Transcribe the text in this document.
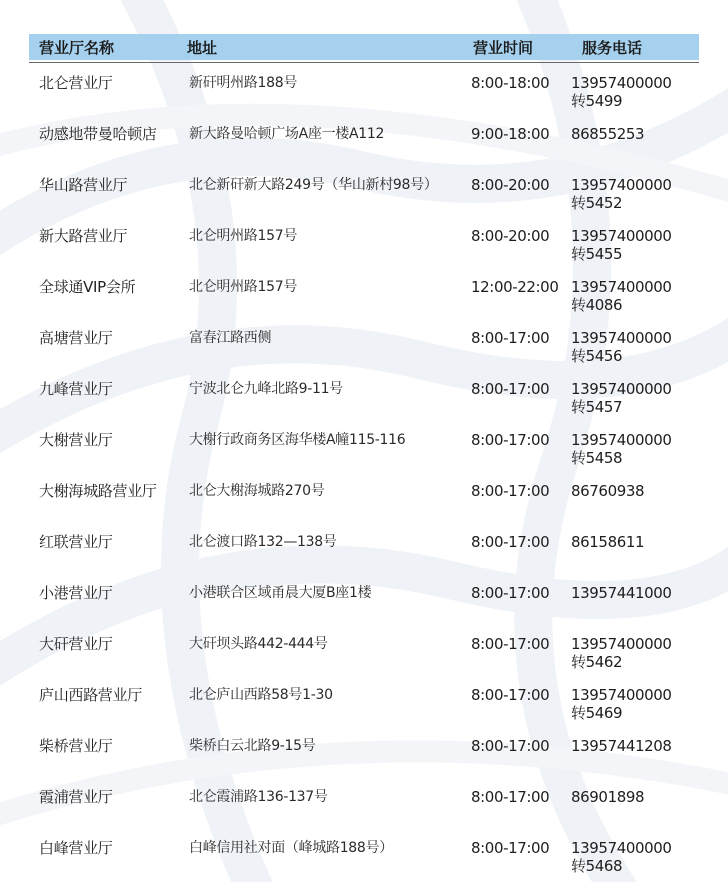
营业厅名称	地址	营业时间	服务电话
北仑营业厅	新矸明州路188号	8:00-18:00	13957400000
转5499
动感地带曼哈顿店	新大路曼哈顿广场A座一楼A112	9:00-18:00	86855253
华山路营业厅	北仑新矸新大路249号（华山新村98号）	8:00-20:00	13957400000
转5452
新大路营业厅	北仑明州路157号	8:00-20:00	13957400000
转5455
全球通VIP会所	北仑明州路157号	12:00-22:00 13957400000
转4086
高塘营业厅	富春江路西侧	8:00-17:00	13957400000
转5456
九峰营业厅	宁波北仑九峰北路9-11号	8:00-17:00	13957400000
转5457
大榭营业厅	大榭行政商务区海华楼A幢115-116	8:00-17:00	13957400000
转5458
大榭海城路营业厅	北仑大榭海城路270号	8:00-17:00	86760938
红联营业厅	北仑渡口路132—138号	8:00-17:00	86158611
小港营业厅	小港联合区域甬晨大厦B座1楼	8:00-17:00	13957441000
大矸营业厅	大矸坝头路442-444号	8:00-17:00	13957400000
转5462
庐山西路营业厅	北仑庐山西路58号1-30	8:00-17:00	13957400000
转5469
柴桥营业厅	柴桥白云北路9-15号	8:00-17:00	13957441208
霞浦营业厅	北仑霞浦路136-137号	8:00-17:00	86901898
白峰营业厅	白峰信用社对面（峰城路188号）	8:00-17:00	13957400000
转5468
